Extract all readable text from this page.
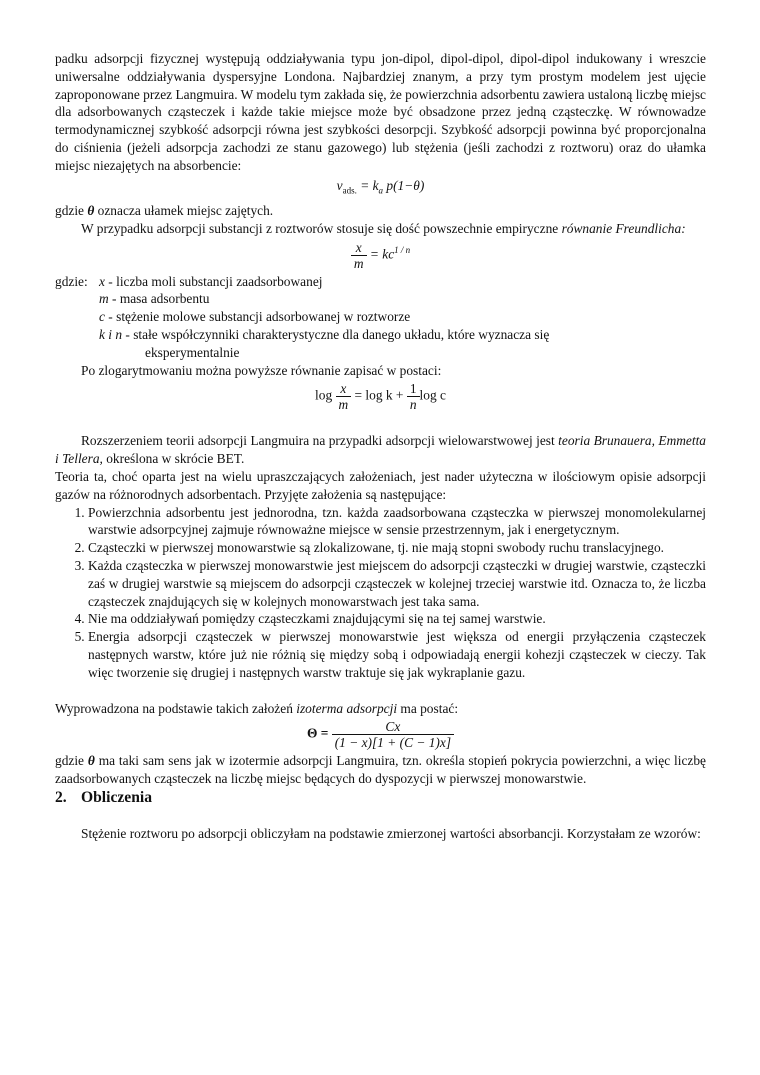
padku adsorpcji fizycznej występują oddziaływania typu jon-dipol, dipol-dipol, dipol-dipol indukowany i wreszcie uniwersalne oddziaływania dyspersyjne Londona. Najbardziej znanym, a przy tym prostym modelem jest ujęcie zaproponowane przez Langmuira. W modelu tym zakłada się, że powierzchnia adsorbentu zawiera ustaloną liczbę miejsc dla adsorbowanych cząsteczek i każde takie miejsce może być obsadzone przez jedną cząsteczkę. W równowadze termodynamicznej szybkość adsorpcji równa jest szybkości desorpcji. Szybkość adsorpcji powinna być proporcjonalna do ciśnienia (jeżeli adsorpcja zachodzi ze stanu gazowego) lub stężenia (jeśli zachodzi z roztworu) oraz do ułamka miejsc niezajętych na absorbencie:

$v_{ads.} = k_a$ p(1−θ)

gdzie θ oznacza ułamek miejsc zajętych.

W przypadku adsorpcji substancji z roztworów stosuje się dość powszechnie empiryczne równanie Freundlicha:

$\frac{x}{m} = kc^{1 / n}$
gdzie: x - liczba moli substancji zaadsorbowanej
m - masa adsorbentu
c - stężenie molowe substancji adsorbowanej w roztworze
k i n - stałe współczynniki charakterystyczne dla danego układu, które wyznacza się
eksperymentalnie

Po zlogarytmowaniu można powyższe równanie zapisać w postaci:

$\log \frac{x}{m} = \log k + \frac{1}{n}$ log c

Rozszerzeniem teorii adsorpcji Langmuira na przypadki adsorpcji wielowarstwowej jest teoria Brunauera, Emmetta i Tellera, określona w skrócie BET.

Teoria ta, choć oparta jest na wielu upraszczających założeniach, jest nader użyteczna w ilościowym opisie adsorpcji gazów na różnorodnych adsorbentach. Przyjęte założenia są następujące:

1. Powierzchnia adsorbentu jest jednorodna, tzn. każda zaadsorbowana cząsteczka w pierwszej monomolekularnej warstwie adsorpcyjnej zajmuje równoważne miejsce w sensie przestrzennym, jak i energetycznym.
2. Cząsteczki w pierwszej monowarstwie są zlokalizowane, tj. nie mają stopni swobody ruchu translacyjnego.
3. Każda cząsteczka w pierwszej monowarstwie jest miejscem do adsorpcji cząsteczki w drugiej warstwie, cząsteczki zaś w drugiej warstwie są miejscem do adsorpcji cząsteczek w kolejnej trzeciej warstwie itd. Oznacza to, że liczba cząsteczek znajdujących się w kolejnych monowarstwach jest taka sama.
4. Nie ma oddziaływań pomiędzy cząsteczkami znajdującymi się na tej samej warstwie.
5. Energia adsorpcji cząsteczek w pierwszej monowarstwie jest większa od energii przyłączenia cząsteczek następnych warstw, które już nie różnią się między sobą i odpowiadają energii kohezji cząsteczek w cieczy. Tak więc tworzenie się drugiej i następnych warstw traktuje się jak wykraplanie gazu.

Wyprowadzona na podstawie takich założeń izoterma adsorpcji ma postać:

$\Theta = \frac{Cx}{(1 - x)[1 + (C - 1)x]}$

gdzie θ ma taki sam sens jak w izotermie adsorpcji Langmuira, tzn. określa stopień pokrycia powierzchni, a więc liczbę zaadsorbowanych cząsteczek na liczbę miejsc będących do dyspozycji w pierwszej monowarstwie.

2. Obliczenia

Stężenie roztworu po adsorpcji obliczyłam na podstawie zmierzonej wartości absorbancji. Korzystałam ze wzorów:
